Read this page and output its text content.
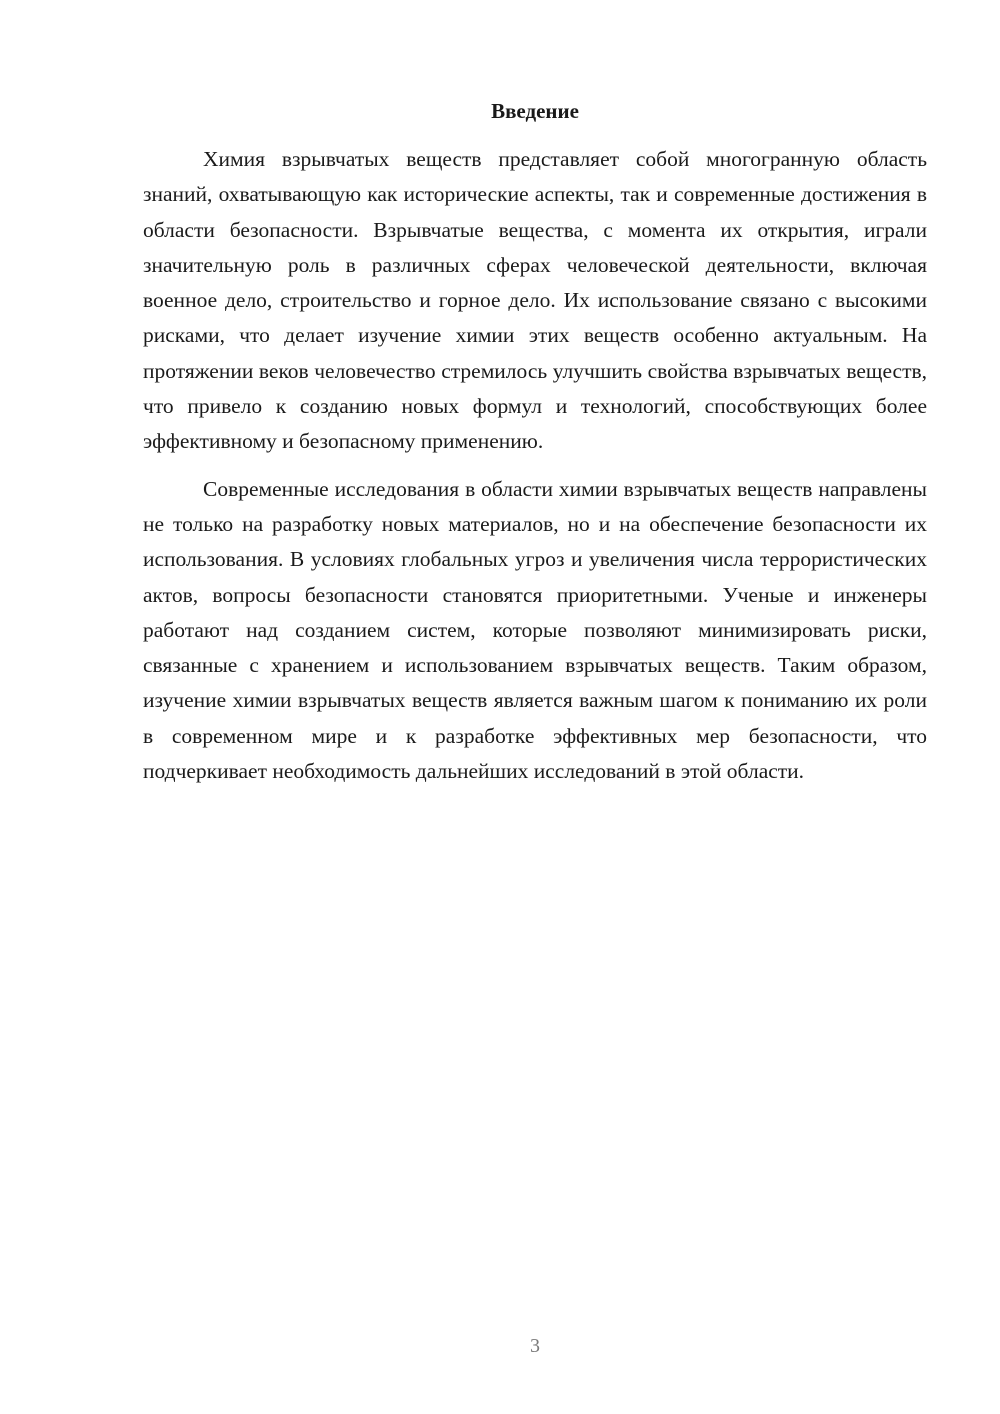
Введение

Химия взрывчатых веществ представляет собой многогранную область знаний, охватывающую как исторические аспекты, так и современные достижения в области безопасности. Взрывчатые вещества, с момента их открытия, играли значительную роль в различных сферах человеческой деятельности, включая военное дело, строительство и горное дело. Их использование связано с высокими рисками, что делает изучение химии этих веществ особенно актуальным. На протяжении веков человечество стремилось улучшить свойства взрывчатых веществ, что привело к созданию новых формул и технологий, способствующих более эффективному и безопасному применению.

Современные исследования в области химии взрывчатых веществ направлены не только на разработку новых материалов, но и на обеспечение безопасности их использования. В условиях глобальных угроз и увеличения числа террористических актов, вопросы безопасности становятся приоритетными. Ученые и инженеры работают над созданием систем, которые позволяют минимизировать риски, связанные с хранением и использованием взрывчатых веществ. Таким образом, изучение химии взрывчатых веществ является важным шагом к пониманию их роли в современном мире и к разработке эффективных мер безопасности, что подчеркивает необходимость дальнейших исследований в этой области.

3
